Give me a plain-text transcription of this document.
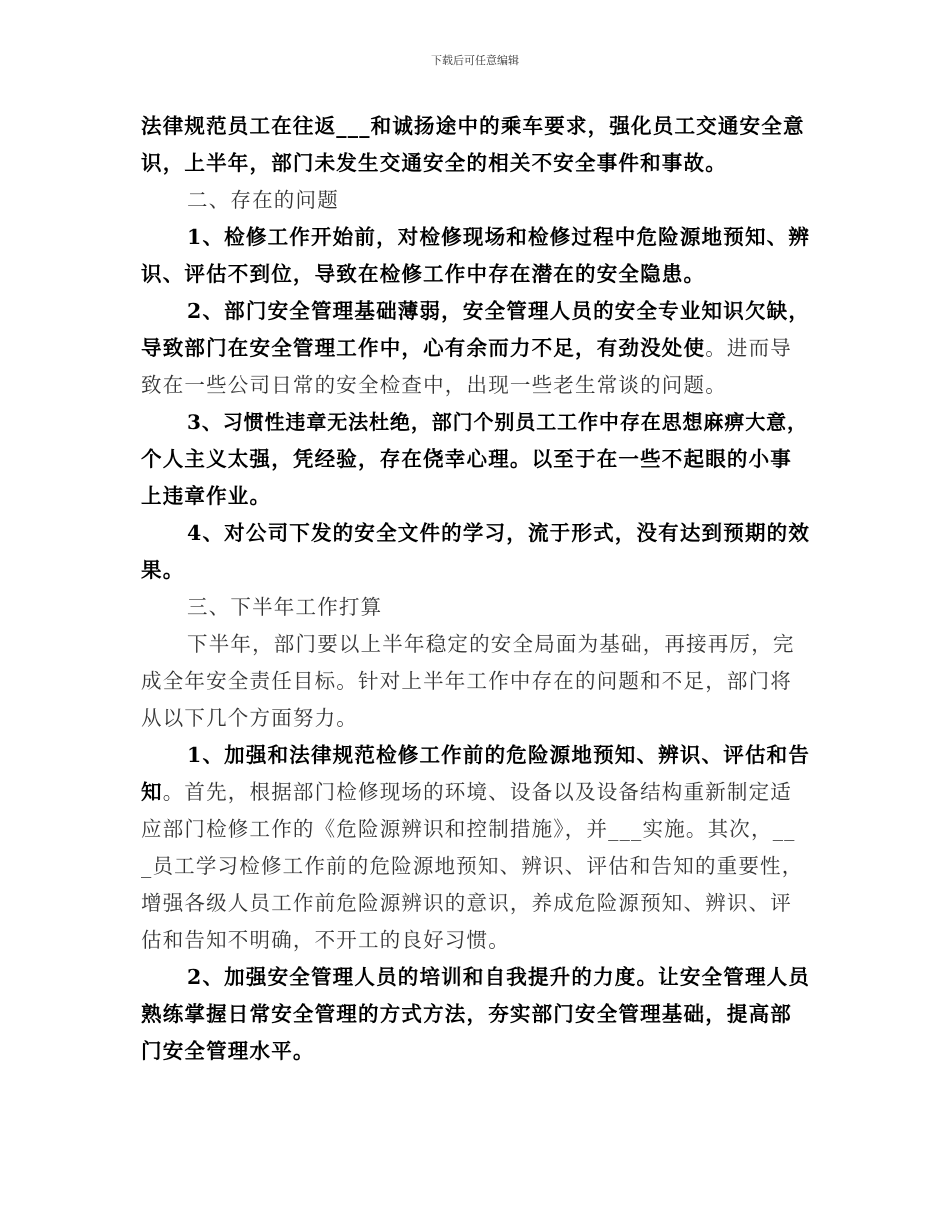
下载后可任意编辑
法律规范员工在往返___和诚扬途中的乘车要求，强化员工交通安全意
识，上半年，部门未发生交通安全的相关不安全事件和事故。
二、存在的问题
1、检修工作开始前，对检修现场和检修过程中危险源地预知、辨
识、评估不到位，导致在检修工作中存在潜在的安全隐患。
2、部门安全管理基础薄弱，安全管理人员的安全专业知识欠缺，
导致部门在安全管理工作中，心有余而力不足，有劲没处使。进而导
致在一些公司日常的安全检查中，出现一些老生常谈的问题。
3、习惯性违章无法杜绝，部门个别员工工作中存在思想麻痹大意，
个人主义太强，凭经验，存在侥幸心理。以至于在一些不起眼的小事
上违章作业。
4、对公司下发的安全文件的学习，流于形式，没有达到预期的效
果。
三、下半年工作打算
下半年，部门要以上半年稳定的安全局面为基础，再接再厉，完
成全年安全责任目标。针对上半年工作中存在的问题和不足，部门将
从以下几个方面努力。
1、加强和法律规范检修工作前的危险源地预知、辨识、评估和告
知。首先，根据部门检修现场的环境、设备以及设备结构重新制定适
应部门检修工作的《危险源辨识和控制措施》，并___实施。其次，__
_员工学习检修工作前的危险源地预知、辨识、评估和告知的重要性，
增强各级人员工作前危险源辨识的意识，养成危险源预知、辨识、评
估和告知不明确，不开工的良好习惯。
2、加强安全管理人员的培训和自我提升的力度。让安全管理人员
熟练掌握日常安全管理的方式方法，夯实部门安全管理基础，提高部
门安全管理水平。
